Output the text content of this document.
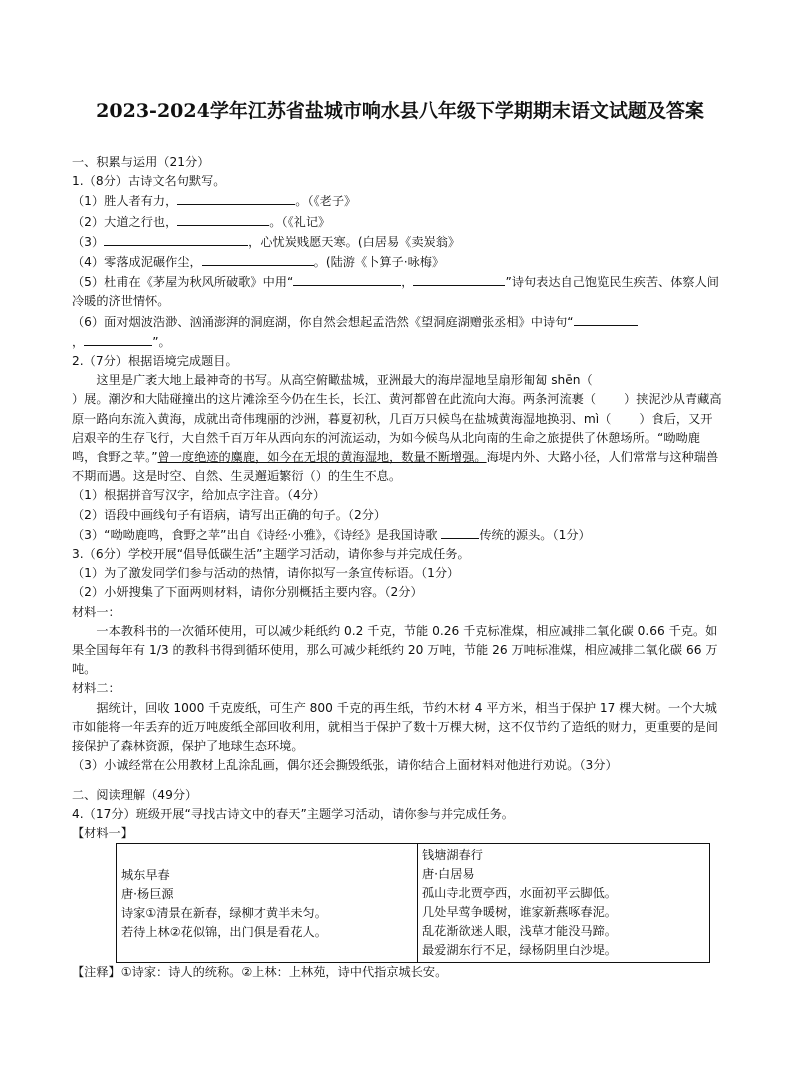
2023-2024学年江苏省盐城市响水县八年级下学期期末语文试题及答案

一、积累与运用（21分）

1.（8分）古诗文名句默写。

（1）胜人者有力，	。（《老子》

（2）大道之行也，	。（《礼记》

（3）	，心忧炭贱愿天寒。(白居易《卖炭翁》

（4）零落成泥碾作尘，	。(陆游《卜算子·咏梅》

（5）杜甫在《茅屋为秋风所破歌》中用“	，	”诗句表达自己饱览民生疾苦、体察人间冷暖的济世情怀。

（6）面对烟波浩渺、汹涌澎湃的洞庭湖，你自然会想起孟浩然《望洞庭湖赠张丞相》中诗句“
，	”。

2.（7分）根据语境完成题目。

这里是广袤大地上最神奇的书写。从高空俯瞰盐城，亚洲最大的海岸湿地呈扇形匍匐 shēn（
）展。潮汐和大陆碰撞出的这片滩涂至今仍在生长，长江、黄河都曾在此流向大海。两条河流裹（ ）挟泥沙从青藏高原一路向东流入黄海，成就出奇伟瑰丽的沙洲，暮夏初秋，几百万只候鸟在盐城黄海湿地换羽、mì（ ）食后，又开启艰辛的生存飞行，大自然千百万年从西向东的河流运动，为如今候鸟从北向南的生命之旅提供了休憩场所。“呦呦鹿鸣，食野之苹。”曾一度绝迹的麋鹿，如今在无垠的黄海湿地，数量不断增强。海堤内外、大路小径，人们常常与这种瑞兽不期而遇。这是时空、自然、生灵邂逅繁衍（）的生生不息。

（1）根据拼音写汉字，给加点字注音。（4分）

（2）语段中画线句子有语病，请写出正确的句子。（2分）

（3）“呦呦鹿鸣，食野之苹”出自《诗经·小雅》，《诗经》是我国诗歌	传统的源头。（1分）

3.（6分）学校开展“倡导低碳生活”主题学习活动，请你参与并完成任务。

（1）为了激发同学们参与活动的热情，请你拟写一条宣传标语。（1分）

（2）小妍搜集了下面两则材料，请你分别概括主要内容。（2分）

材料一：

一本教科书的一次循环使用，可以减少耗纸约 0.2 千克，节能 0.26 千克标准煤，相应减排二氧化碳 0.66 千克。如果全国每年有 1/3 的教科书得到循环使用，那么可减少耗纸约 20 万吨，节能 26 万吨标准煤，相应减排二氧化碳 66 万吨。

材料二：

据统计，回收 1000 千克废纸，可生产 800 千克的再生纸，节约木材 4 平方米，相当于保护 17 棵大树。一个大城市如能将一年丢弃的近万吨废纸全部回收利用，就相当于保护了数十万棵大树，这不仅节约了造纸的财力，更重要的是间接保护了森林资源，保护了地球生态环境。

（3）小诚经常在公用教材上乱涂乱画，偶尔还会撕毁纸张，请你结合上面材料对他进行劝说。（3分）

二、阅读理解（49分）

4.（17分）班级开展“寻找古诗文中的春天”主题学习活动，请你参与并完成任务。

【材料一】

城东早春
唐·杨巨源
诗家①清景在新春，绿柳才黄半未匀。
若待上林②花似锦，出门俱是看花人。

钱塘湖春行
唐·白居易
孤山寺北贾亭西，水面初平云脚低。
几处早莺争暖树，谁家新燕啄春泥。
乱花渐欲迷人眼，浅草才能没马蹄。
最爱湖东行不足，绿杨阴里白沙堤。

【注释】①诗家：诗人的统称。②上林：上林苑，诗中代指京城长安。
